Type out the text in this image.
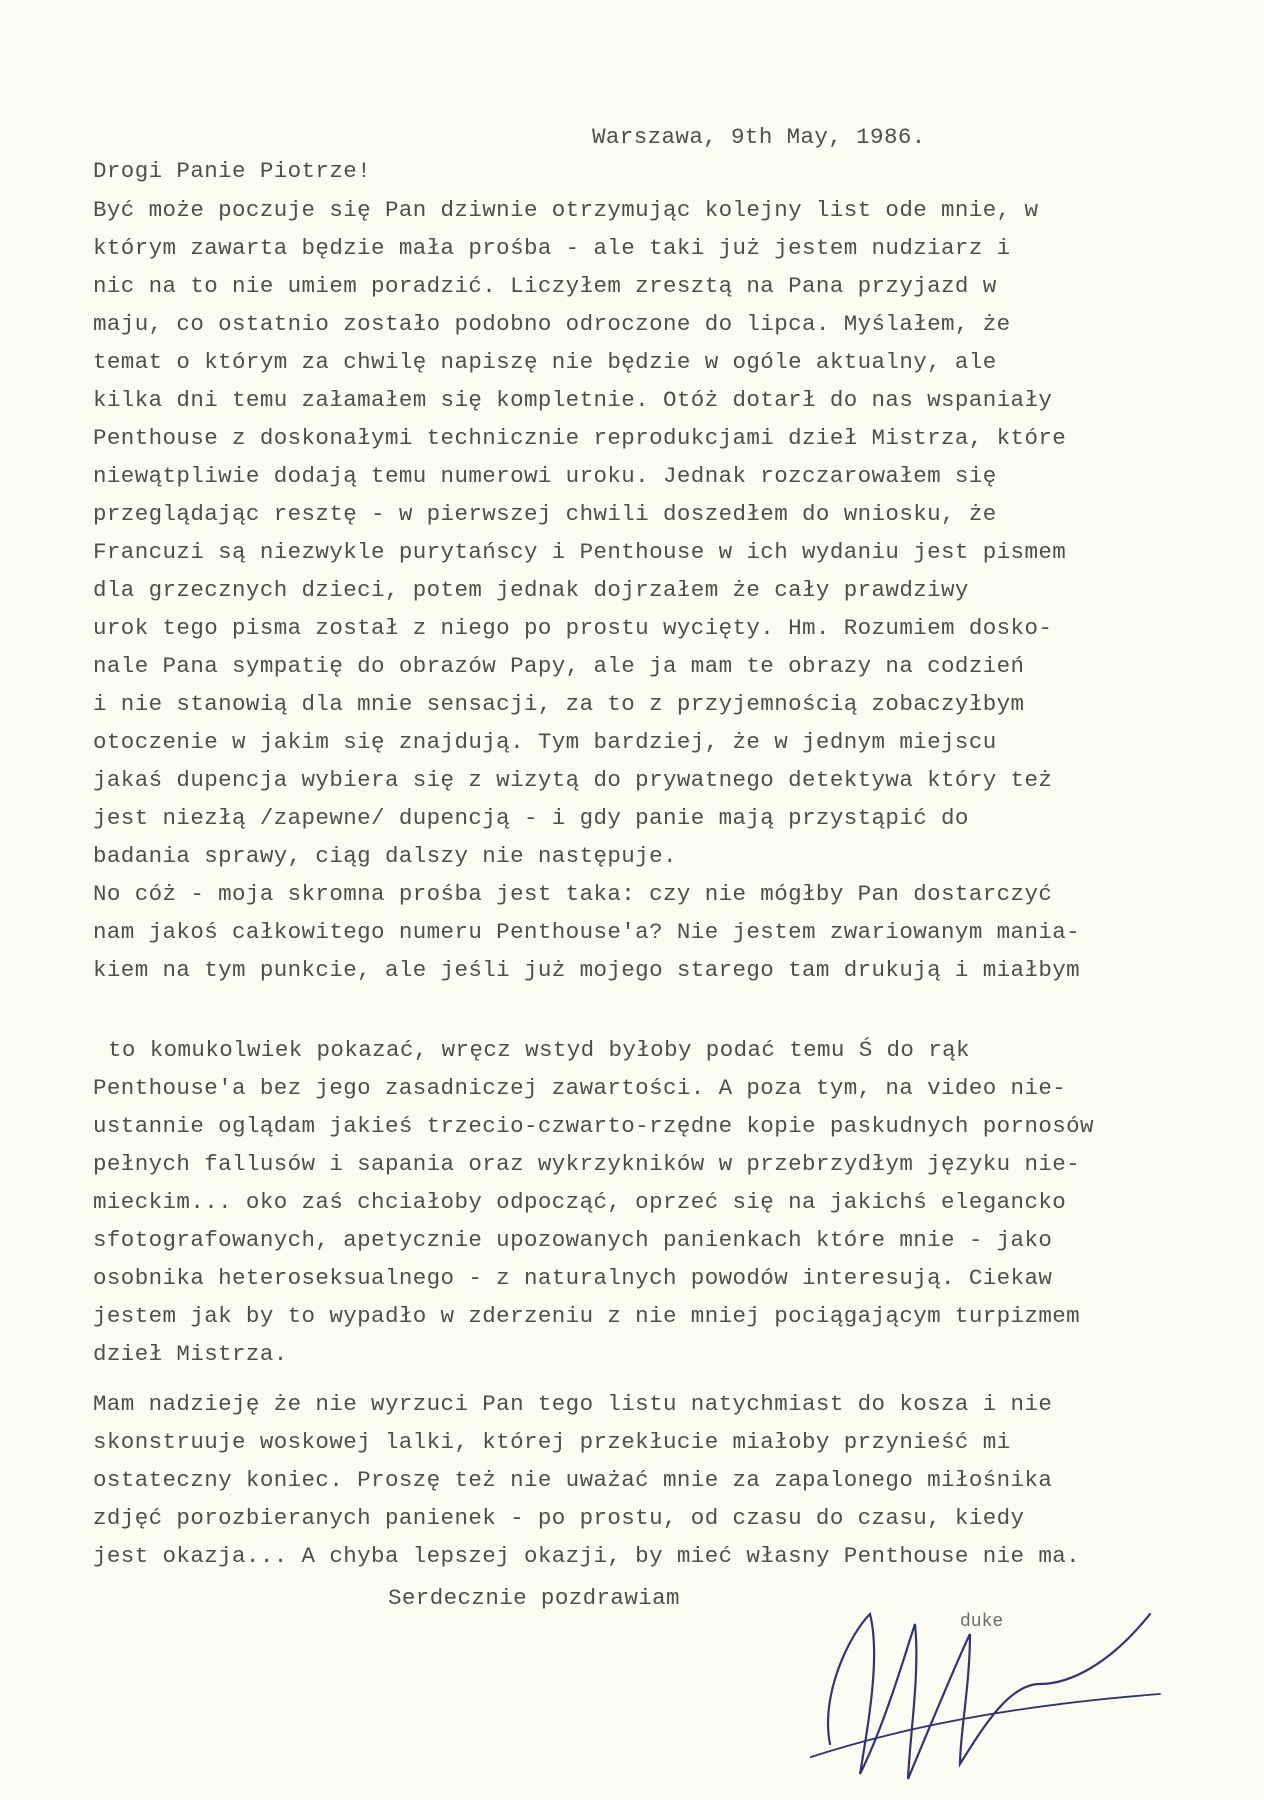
Warszawa, 9th May, 1986.

Drogi Panie Piotrze!

Być może poczuje się Pan dziwnie otrzymując kolejny list ode mnie, w

którym zawarta będzie mała prośba - ale taki już jestem nudziarz i

nic na to nie umiem poradzić. Liczyłem zresztą na Pana przyjazd w

maju, co ostatnio zostało podobno odroczone do lipca. Myślałem, że

temat o którym za chwilę napiszę nie będzie w ogóle aktualny, ale

kilka dni temu załamałem się kompletnie. Otóż dotarł do nas wspaniały

Penthouse z doskonałymi technicznie reprodukcjami dzieł Mistrza, które

niewątpliwie dodają temu numerowi uroku. Jednak rozczarowałem się

przeglądając resztę - w pierwszej chwili doszedłem do wniosku, że

Francuzi są niezwykle purytańscy i Penthouse w ich wydaniu jest pismem

dla grzecznych dzieci, potem jednak dojrzałem że cały prawdziwy

urok tego pisma został z niego po prostu wycięty. Hm. Rozumiem dosko-

nale Pana sympatię do obrazów Papy, ale ja mam te obrazy na codzień

i nie stanowią dla mnie sensacji, za to z przyjemnością zobaczyłbym

otoczenie w jakim się znajdują. Tym bardziej, że w jednym miejscu

jakaś dupencja wybiera się z wizytą do prywatnego detektywa który też

jest niezłą /zapewne/ dupencją - i gdy panie mają przystąpić do

badania sprawy, ciąg dalszy nie następuje.

No cóż - moja skromna prośba jest taka: czy nie mógłby Pan dostarczyć

nam jakoś całkowitego numeru Penthouse'a? Nie jestem zwariowanym mania-

kiem na tym punkcie, ale jeśli już mojego starego tam drukują i miałbym

to komukolwiek pokazać, wręcz wstyd byłoby podać temu Ś do rąk

Penthouse'a bez jego zasadniczej zawartości. A poza tym, na video nie-

ustannie oglądam jakieś trzecio-czwarto-rzędne kopie paskudnych pornosów

pełnych fallusów i sapania oraz wykrzykników w przebrzydłym języku nie-

mieckim... oko zaś chciałoby odpocząć, oprzeć się na jakichś elegancko

sfotografowanych, apetycznie upozowanych panienkach które mnie - jako

osobnika heteroseksualnego - z naturalnych powodów interesują. Ciekaw

jestem jak by to wypadło w zderzeniu z nie mniej pociągającym turpizmem

dzieł Mistrza.

Mam nadzieję że nie wyrzuci Pan tego listu natychmiast do kosza i nie

skonstruuje woskowej lalki, której przekłucie miałoby przynieść mi

ostateczny koniec. Proszę też nie uważać mnie za zapalonego miłośnika

zdjęć porozbieranych panienek - po prostu, od czasu do czasu, kiedy

jest okazja... A chyba lepszej okazji, by mieć własny Penthouse nie ma.

Serdecznie pozdrawiam

duke
